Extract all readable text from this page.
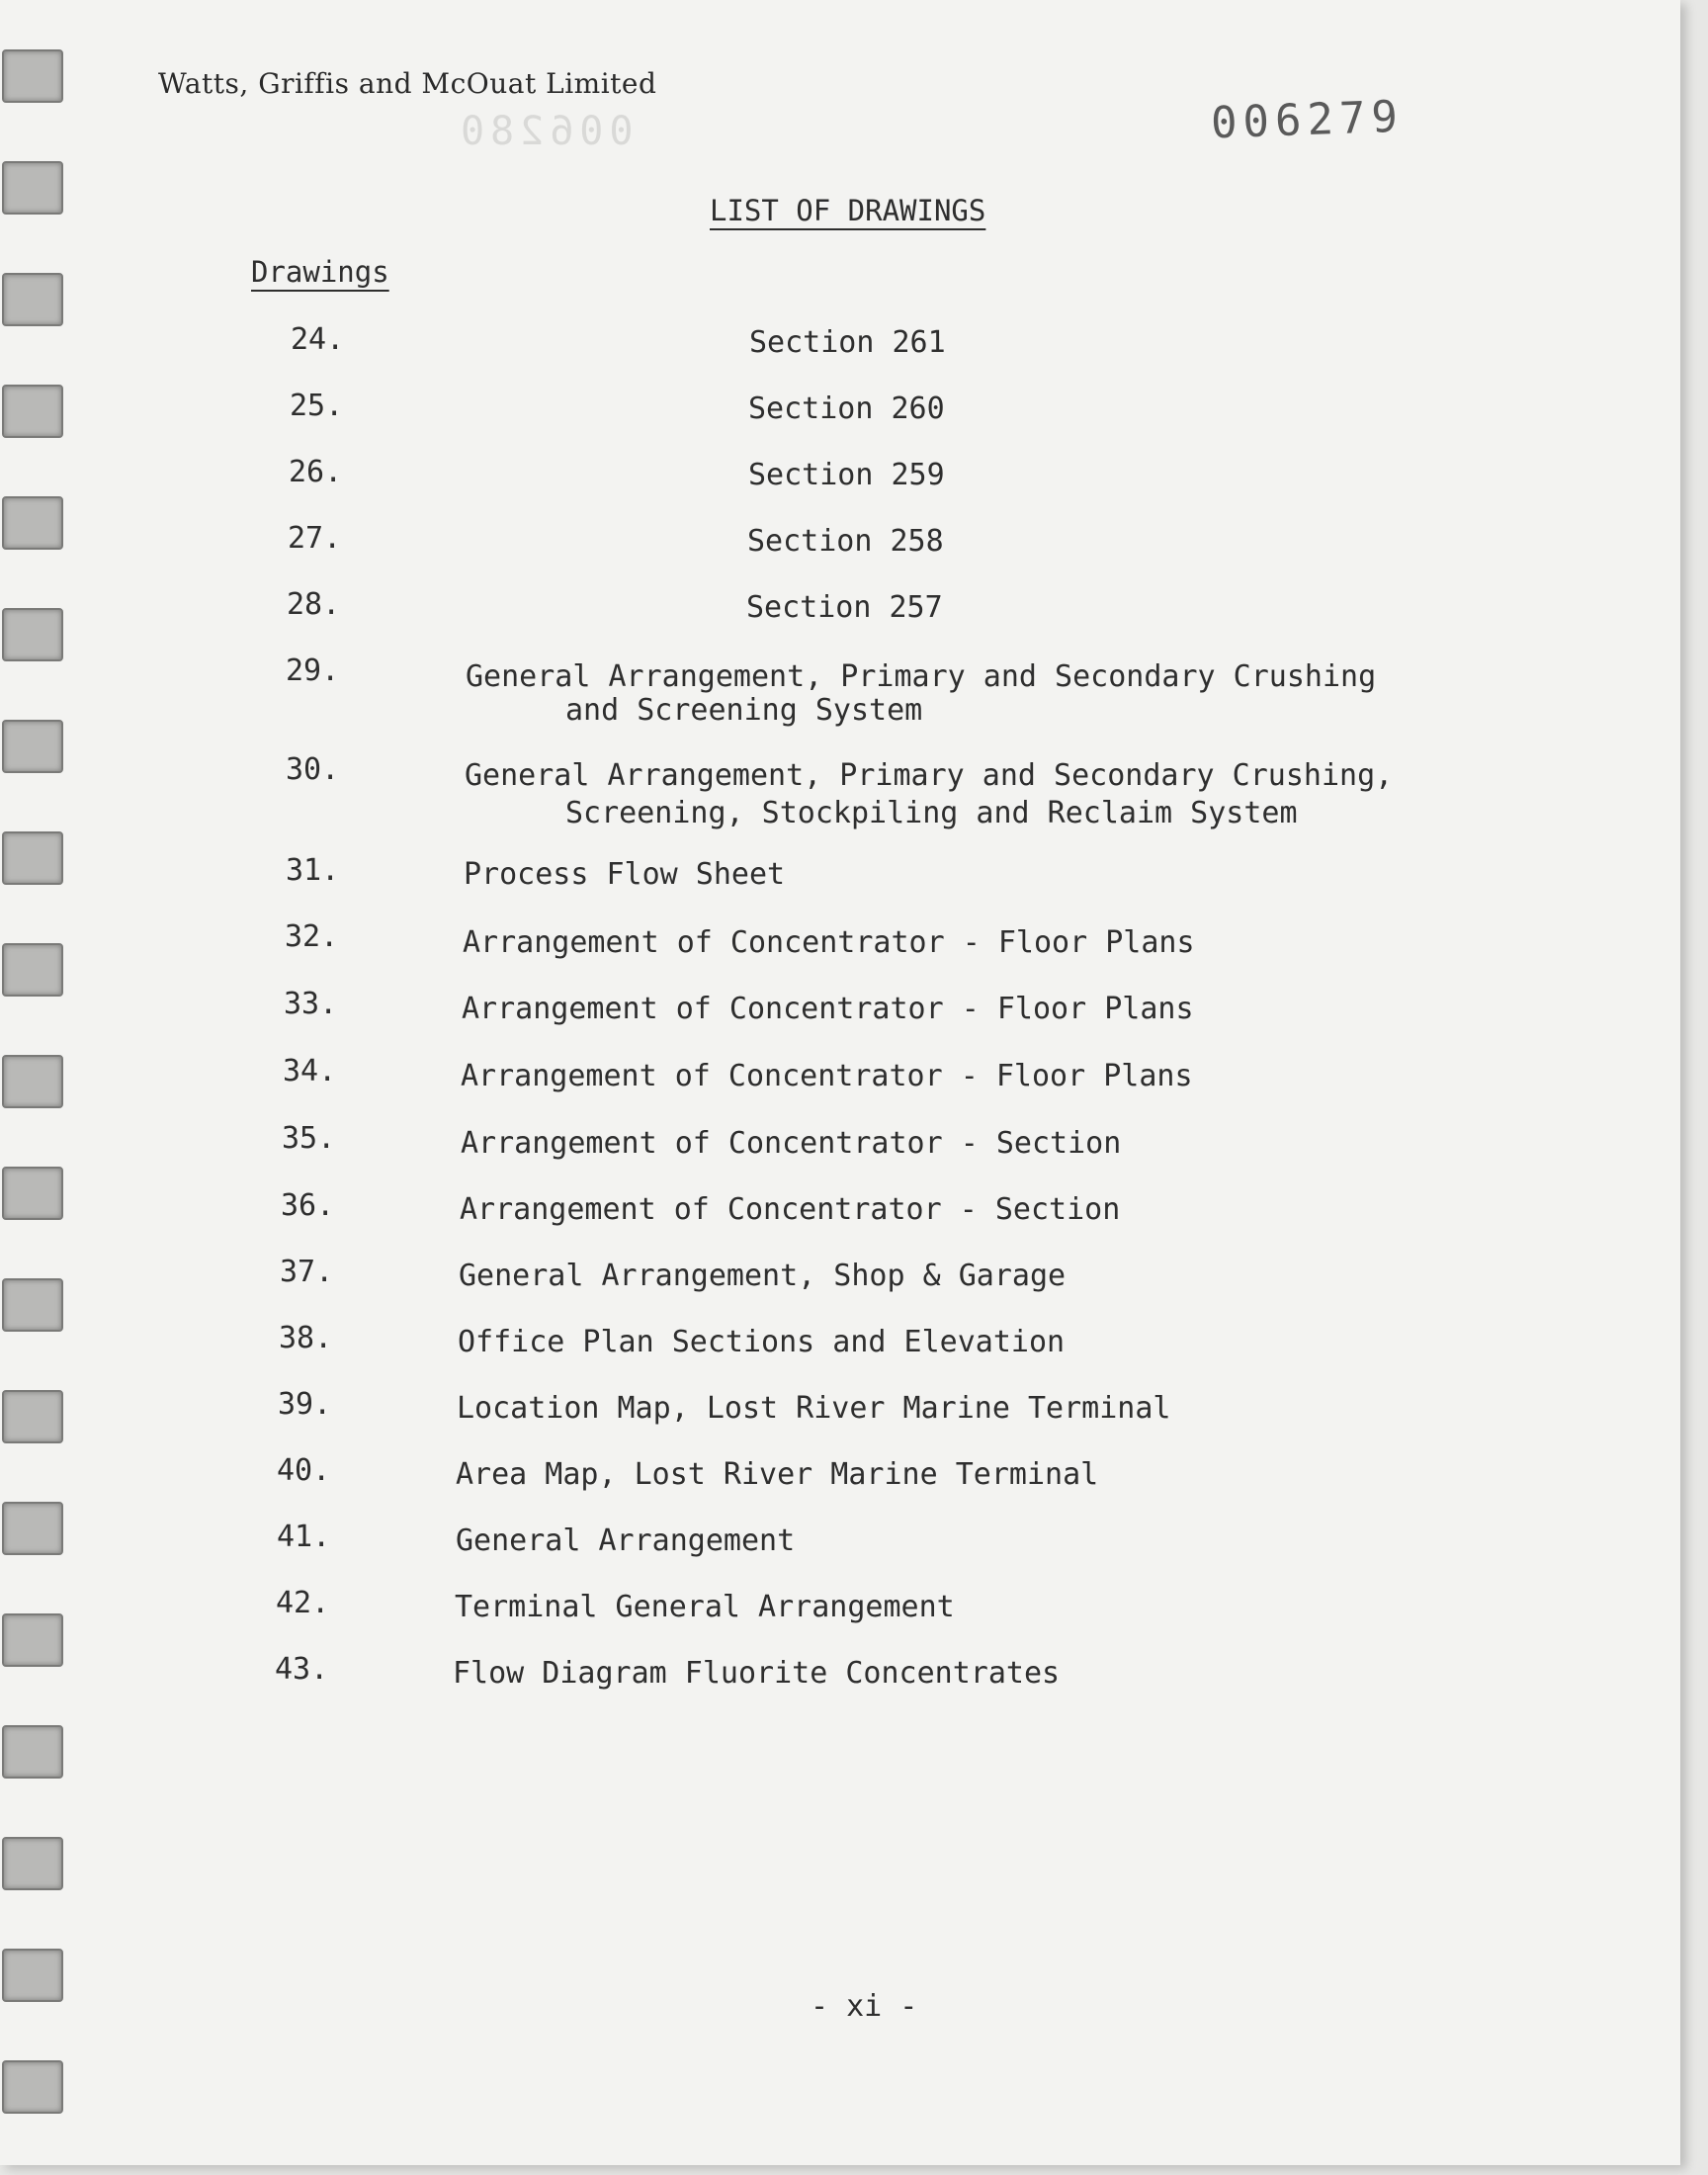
Watts, Griffis and McOuat Limited

006280	006279
LIST OF DRAWINGS
Drawings
24.	Section 261
25.	Section 260
26.	Section 259
27.	Section 258
28.	Section 257
29.	General Arrangement, Primary and Secondary Crushing
and Screening System
30.	General Arrangement, Primary and Secondary Crushing,
Screening, Stockpiling and Reclaim System
31.	Process Flow Sheet
32.	Arrangement of Concentrator - Floor Plans
33.	Arrangement of Concentrator - Floor Plans
34.	Arrangement of Concentrator - Floor Plans
35.	Arrangement of Concentrator - Section
36.	Arrangement of Concentrator - Section
37.	General Arrangement, Shop & Garage
38.	Office Plan Sections and Elevation
39.	Location Map, Lost River Marine Terminal
40.	Area Map, Lost River Marine Terminal
41.	General Arrangement
42.	Terminal General Arrangement
43.	Flow Diagram Fluorite Concentrates
- xi -
